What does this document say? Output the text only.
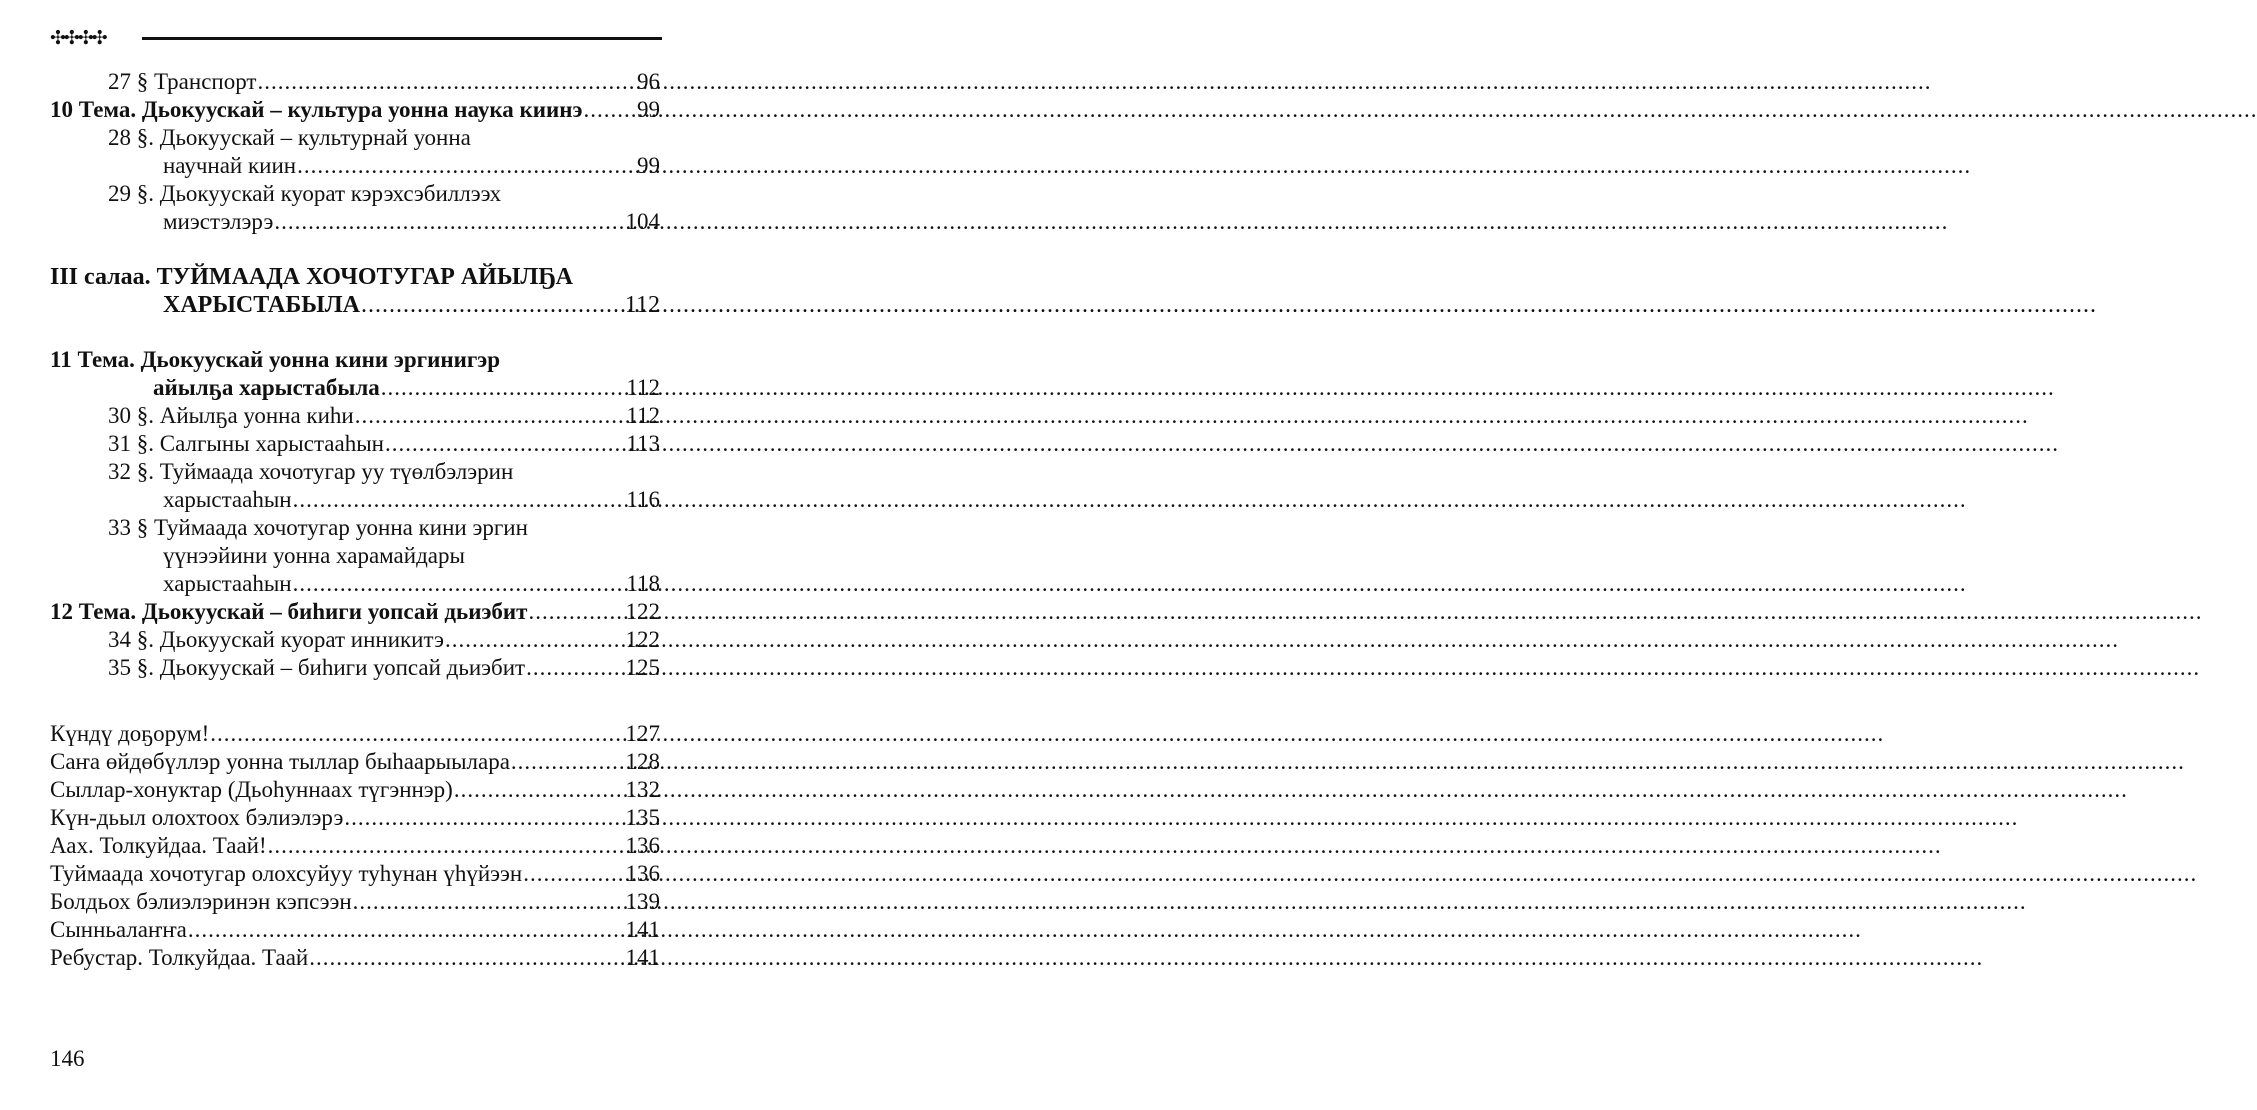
✣✣✣✣
27 § Транспорт .....	96
10 Тема. Дьокуускай – культура уонна наука киинэ ..... 99
28 §. Дьокуускай – культурнай уонна
научнай киин .....	99
29 §. Дьокуускай куорат кэрэхсэбиллээх
миэстэлэрэ .....	104
III салаа. ТУЙМААДА ХОЧОТУГАР АЙЫЛҔА
ХАРЫСТАБЫЛА .....	112
11 Тема. Дьокуускай уонна кини эргинигэр
айылҕа харыстабыла .....	112
30 §. Айылҕа уонна киһи .....	112
31 §. Салгыны харыстааһын .....	113
32 §. Туймаада хочотугар уу түөлбэлэрин
харыстааһын .....	116
33 § Туймаада хочотугар уонна кини эргин
үүнээйини уонна харамайдары
харыстааһын .....	118
12 Тема. Дьокуускай – биһиги уопсай дьиэбит .....	122
34 §. Дьокуускай куорат инникитэ .....	122
35 §. Дьокуускай – биһиги уопсай дьиэбит .....	125
Күндү доҕорум! .....	127
Саҥа өйдөбүллэр уонна тыллар быһаарыылара .....	128
Сыллар-хонуктар (Дьоһуннаах түгэннэр) .....	132
Күн-дьыл олохтоох бэлиэлэрэ .....	135
Аах. Толкуйдаа. Таай! .....	136
Туймаада хочотугар олохсуйуу туһунан үһүйээн .....	136
Болдьох бэлиэлэринэн кэпсээн .....	139
Сынньалаҥҥа .....	141
Ребустар. Толкуйдаа. Таай .....	141
146
